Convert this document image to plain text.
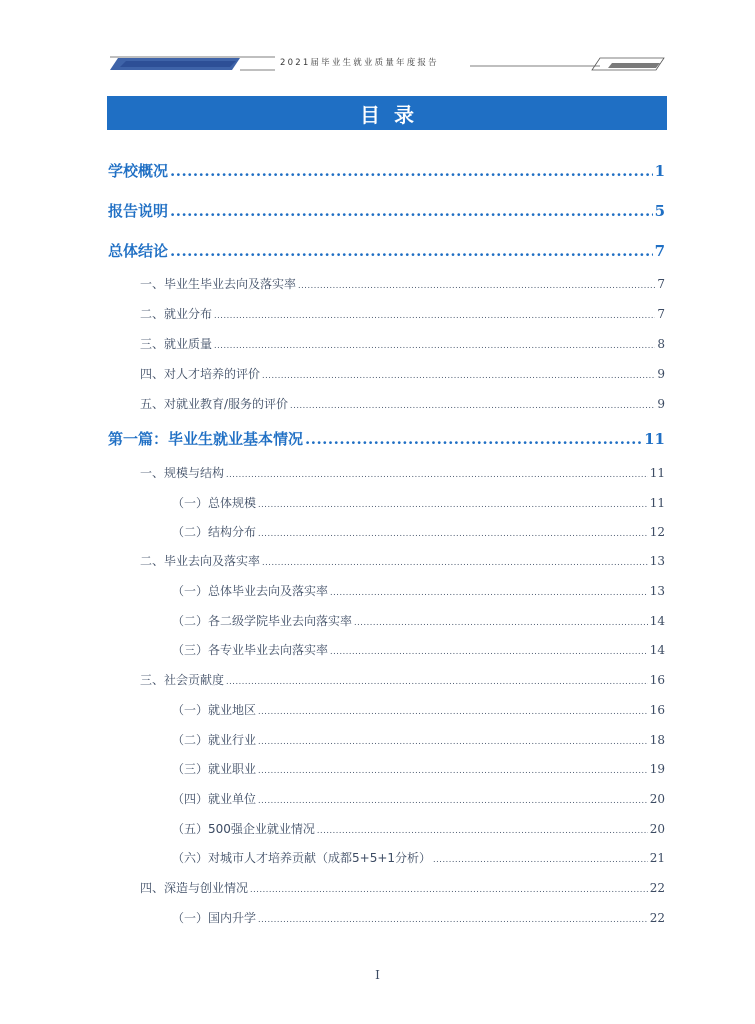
2021届毕业生就业质量年度报告
目录
学校概况 .....	1
报告说明 .....	5
总体结论 .....	7
一、毕业生毕业去向及落实率 .....	7
二、就业分布 .....	7
三、就业质量 .....	8
四、对人才培养的评价 .....	9
五、对就业教育/服务的评价 .....	9
第一篇：毕业生就业基本情况 .....	11
一、规模与结构 .....	11
（一）总体规模 .....	11
（二）结构分布 .....	12
二、毕业去向及落实率 .....	13
（一）总体毕业去向及落实率 .....	13
（二）各二级学院毕业去向落实率 .....	14
（三）各专业毕业去向落实率 .....	14
三、社会贡献度 .....	16
（一）就业地区 .....	16
（二）就业行业 .....	18
（三）就业职业 .....	19
（四）就业单位 .....	20
（五）500强企业就业情况 .....	20
（六）对城市人才培养贡献（成都5+5+1分析） .....	21
四、深造与创业情况 .....	22
（一）国内升学 .....	22
I
